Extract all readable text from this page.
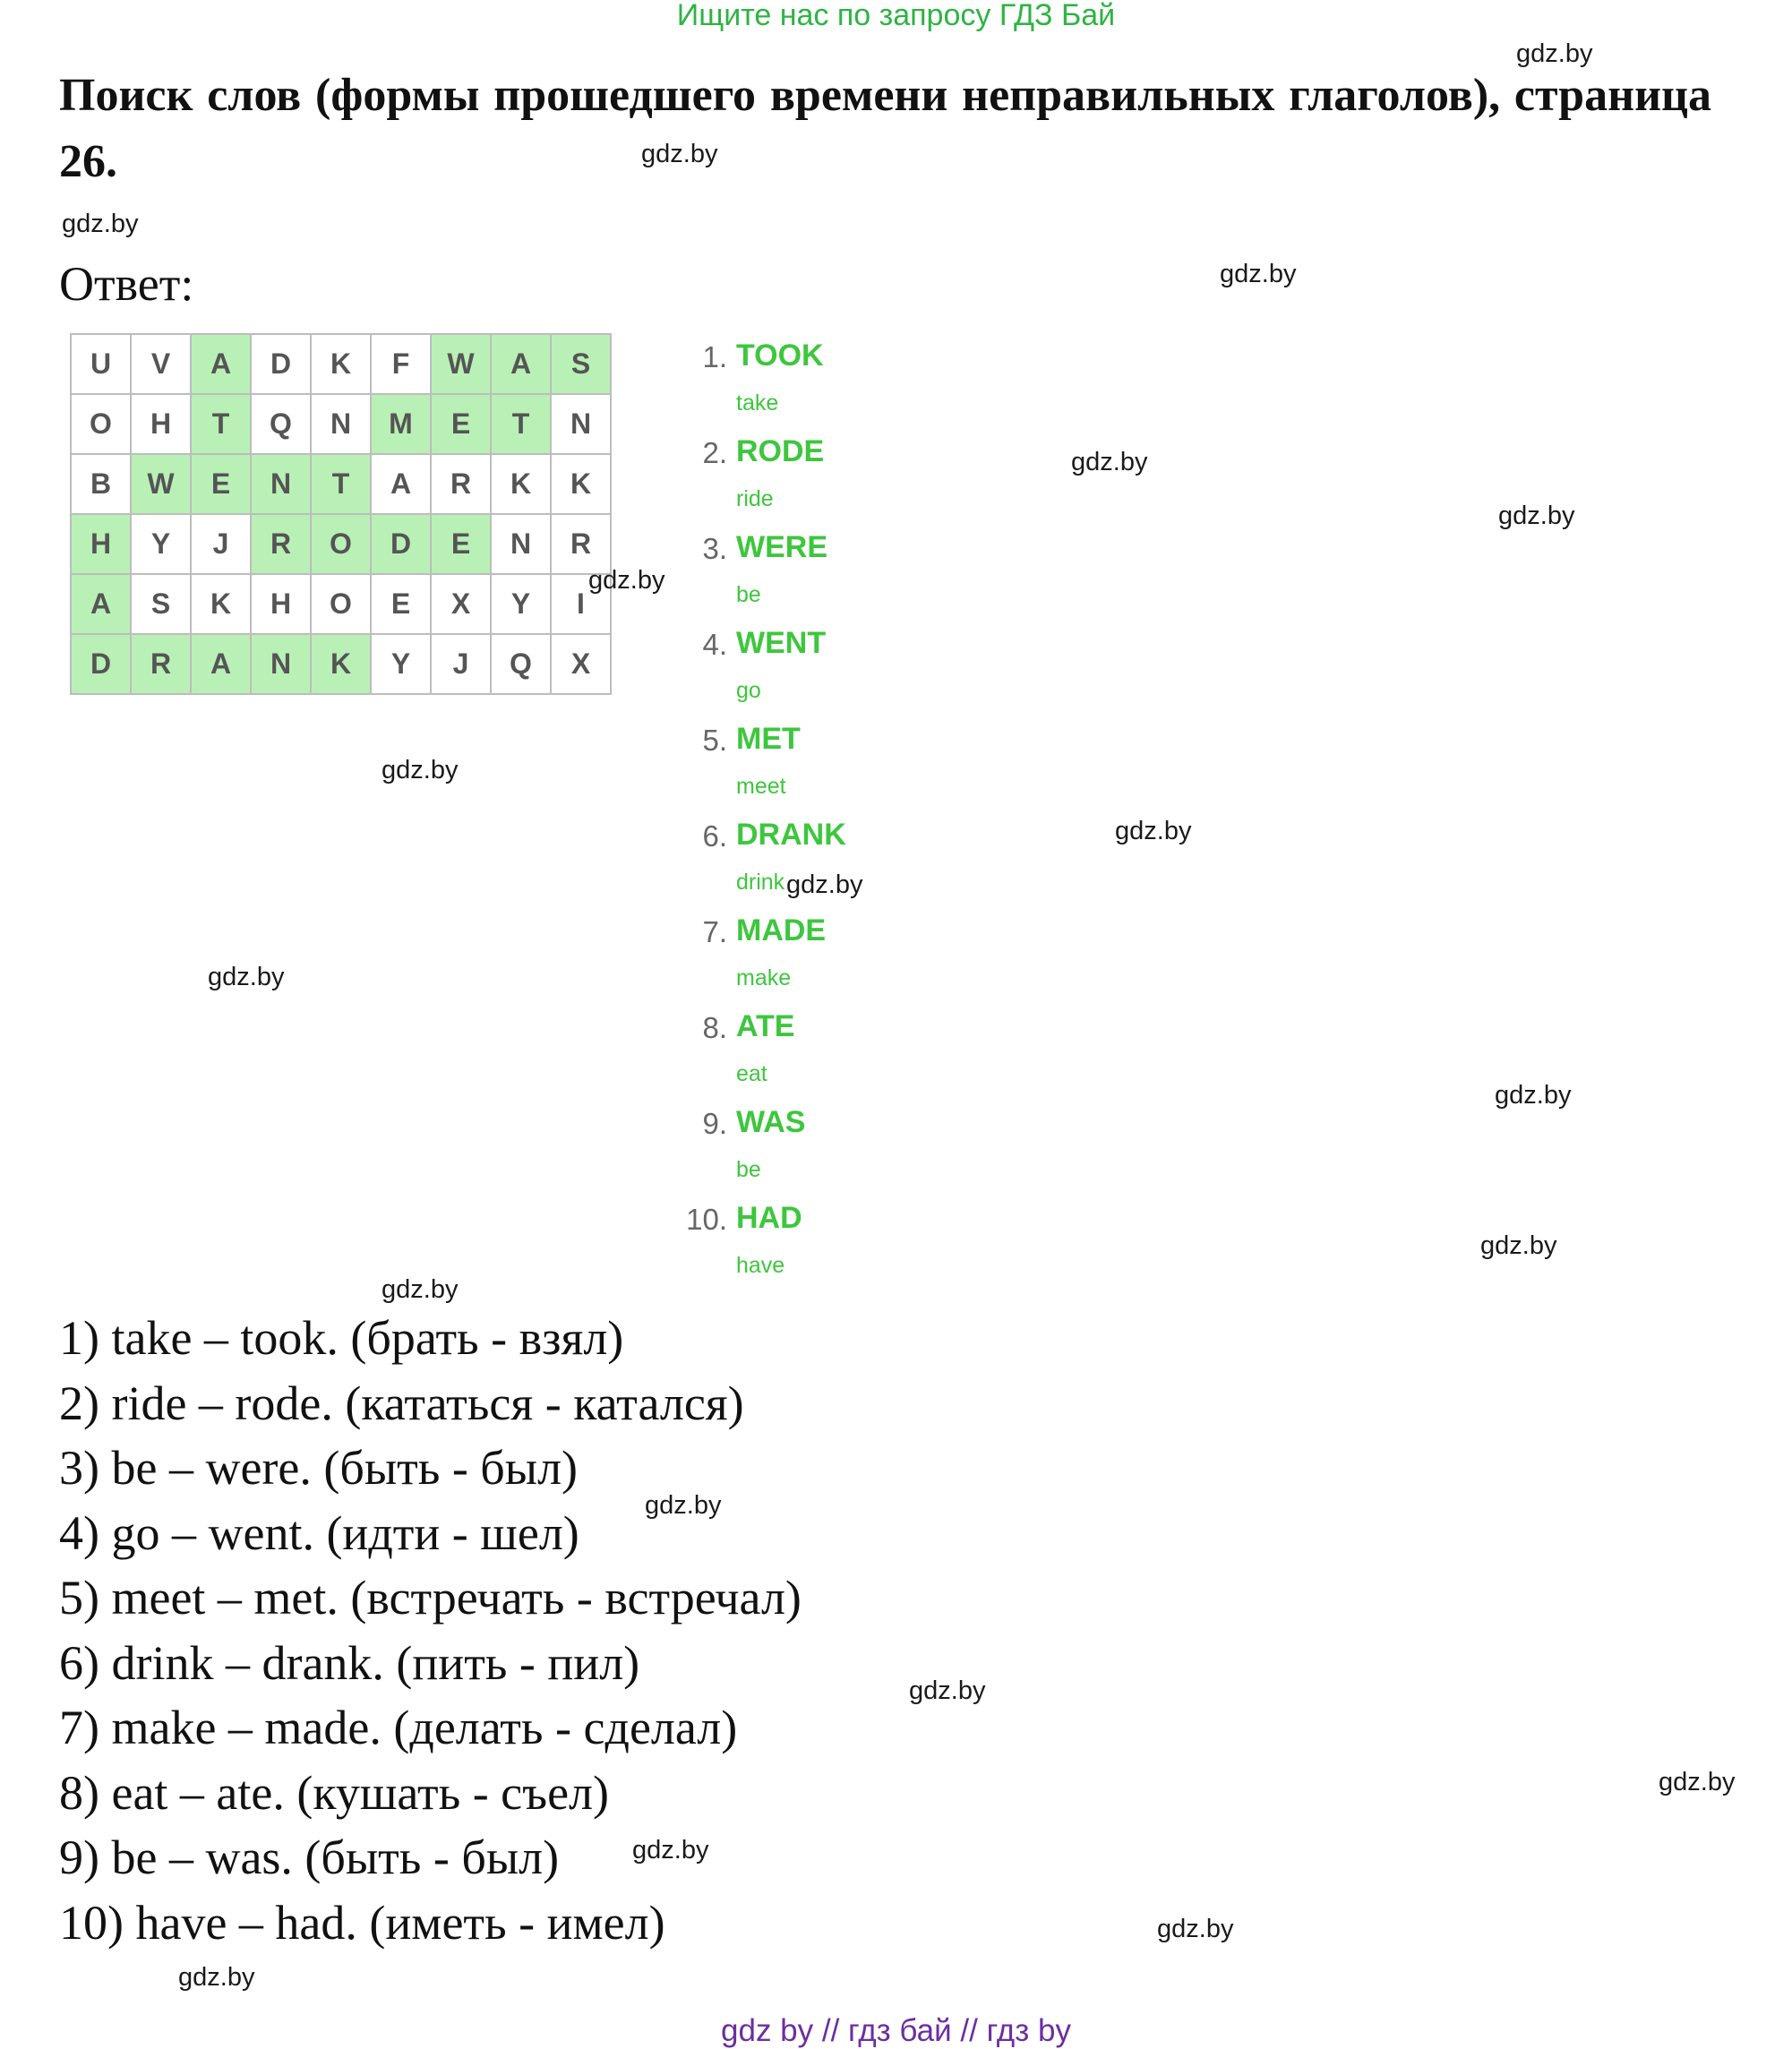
Ищите нас по запросу ГДЗ Бай
Поиск слов (формы прошедшего времени неправильных глаголов), страница 26.
Ответ:
U	V	A	D	K	F	W	A	S
O	H	T	Q	N	M	E	T	N
B	W	E	N	T	A	R	K	K
H	Y	J	R	O	D	E	N	R
A	S	K	H	O	E	X	Y	I
D	R	A	N	K	Y	J	Q	X
1. TOOK
take
2. RODE
ride
3. WERE
be
4. WENT
go
5. MET
meet
6. DRANK
drink
7. MADE
make
8. ATE
eat
9. WAS
be
10. HAD
have
1) take – took. (брать - взял)
2) ride – rode. (кататься - катался)
3) be – were. (быть - был)
4) go – went. (идти - шел)
5) meet – met. (встречать - встречал)
6) drink – drank. (пить - пил)
7) make – made. (делать - сделал)
8) eat – ate. (кушать - съел)
9) be – was. (быть - был)
10) have – had. (иметь - имел)
gdz.by
gdz.by
gdz.by
gdz.by
gdz.by
gdz.by
gdz.by
gdz.by
gdz.by
gdz.by
gdz.by
gdz.by
gdz.by
gdz.by
gdz.by
gdz.by
gdz.by
gdz.by
gdz.by
gdz.by
gdz by // гдз бай // гдз by
